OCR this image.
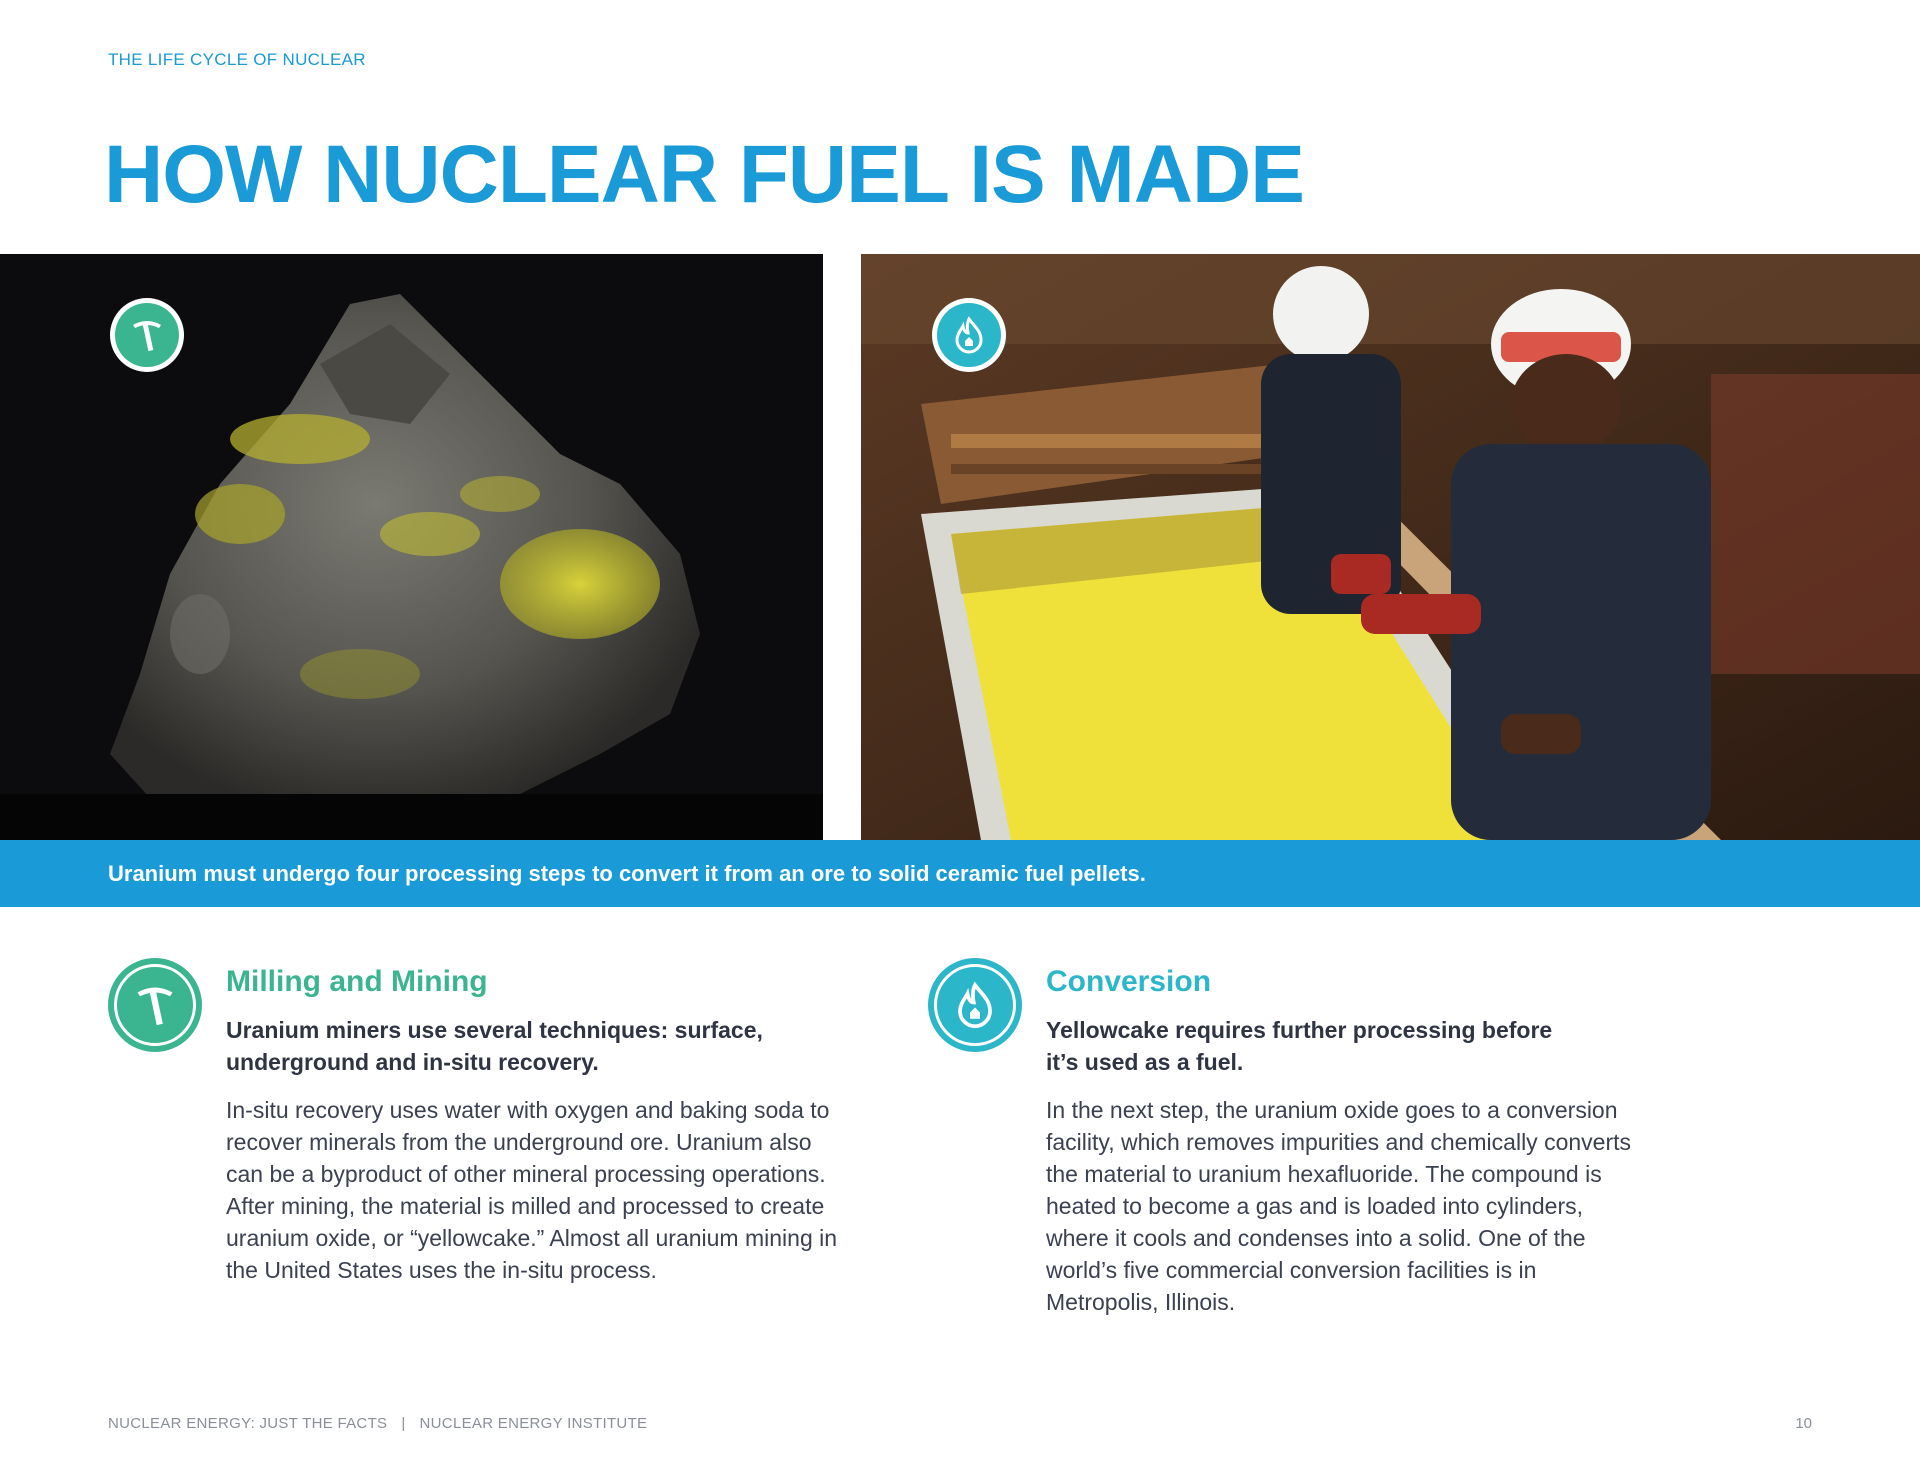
THE LIFE CYCLE OF NUCLEAR
HOW NUCLEAR FUEL IS MADE
Uranium must undergo four processing steps to convert it from an ore to solid ceramic fuel pellets.
Milling and Mining

Uranium miners use several techniques: surface, underground and in-situ recovery.

In-situ recovery uses water with oxygen and baking soda to recover minerals from the underground ore. Uranium also can be a byproduct of other mineral processing operations. After mining, the material is milled and processed to create uranium oxide, or “yellowcake.” Almost all uranium mining in the United States uses the in-situ process.

Conversion

Yellowcake requires further processing before it’s used as a fuel.

In the next step, the uranium oxide goes to a conversion facility, which removes impurities and chemically converts the material to uranium hexafluoride. The compound is heated to become a gas and is loaded into cylinders, where it cools and condenses into a solid. One of the world’s five commercial conversion facilities is in Metropolis, Illinois.

NUCLEAR ENERGY: JUST THE FACTS | NUCLEAR ENERGY INSTITUTE	10
